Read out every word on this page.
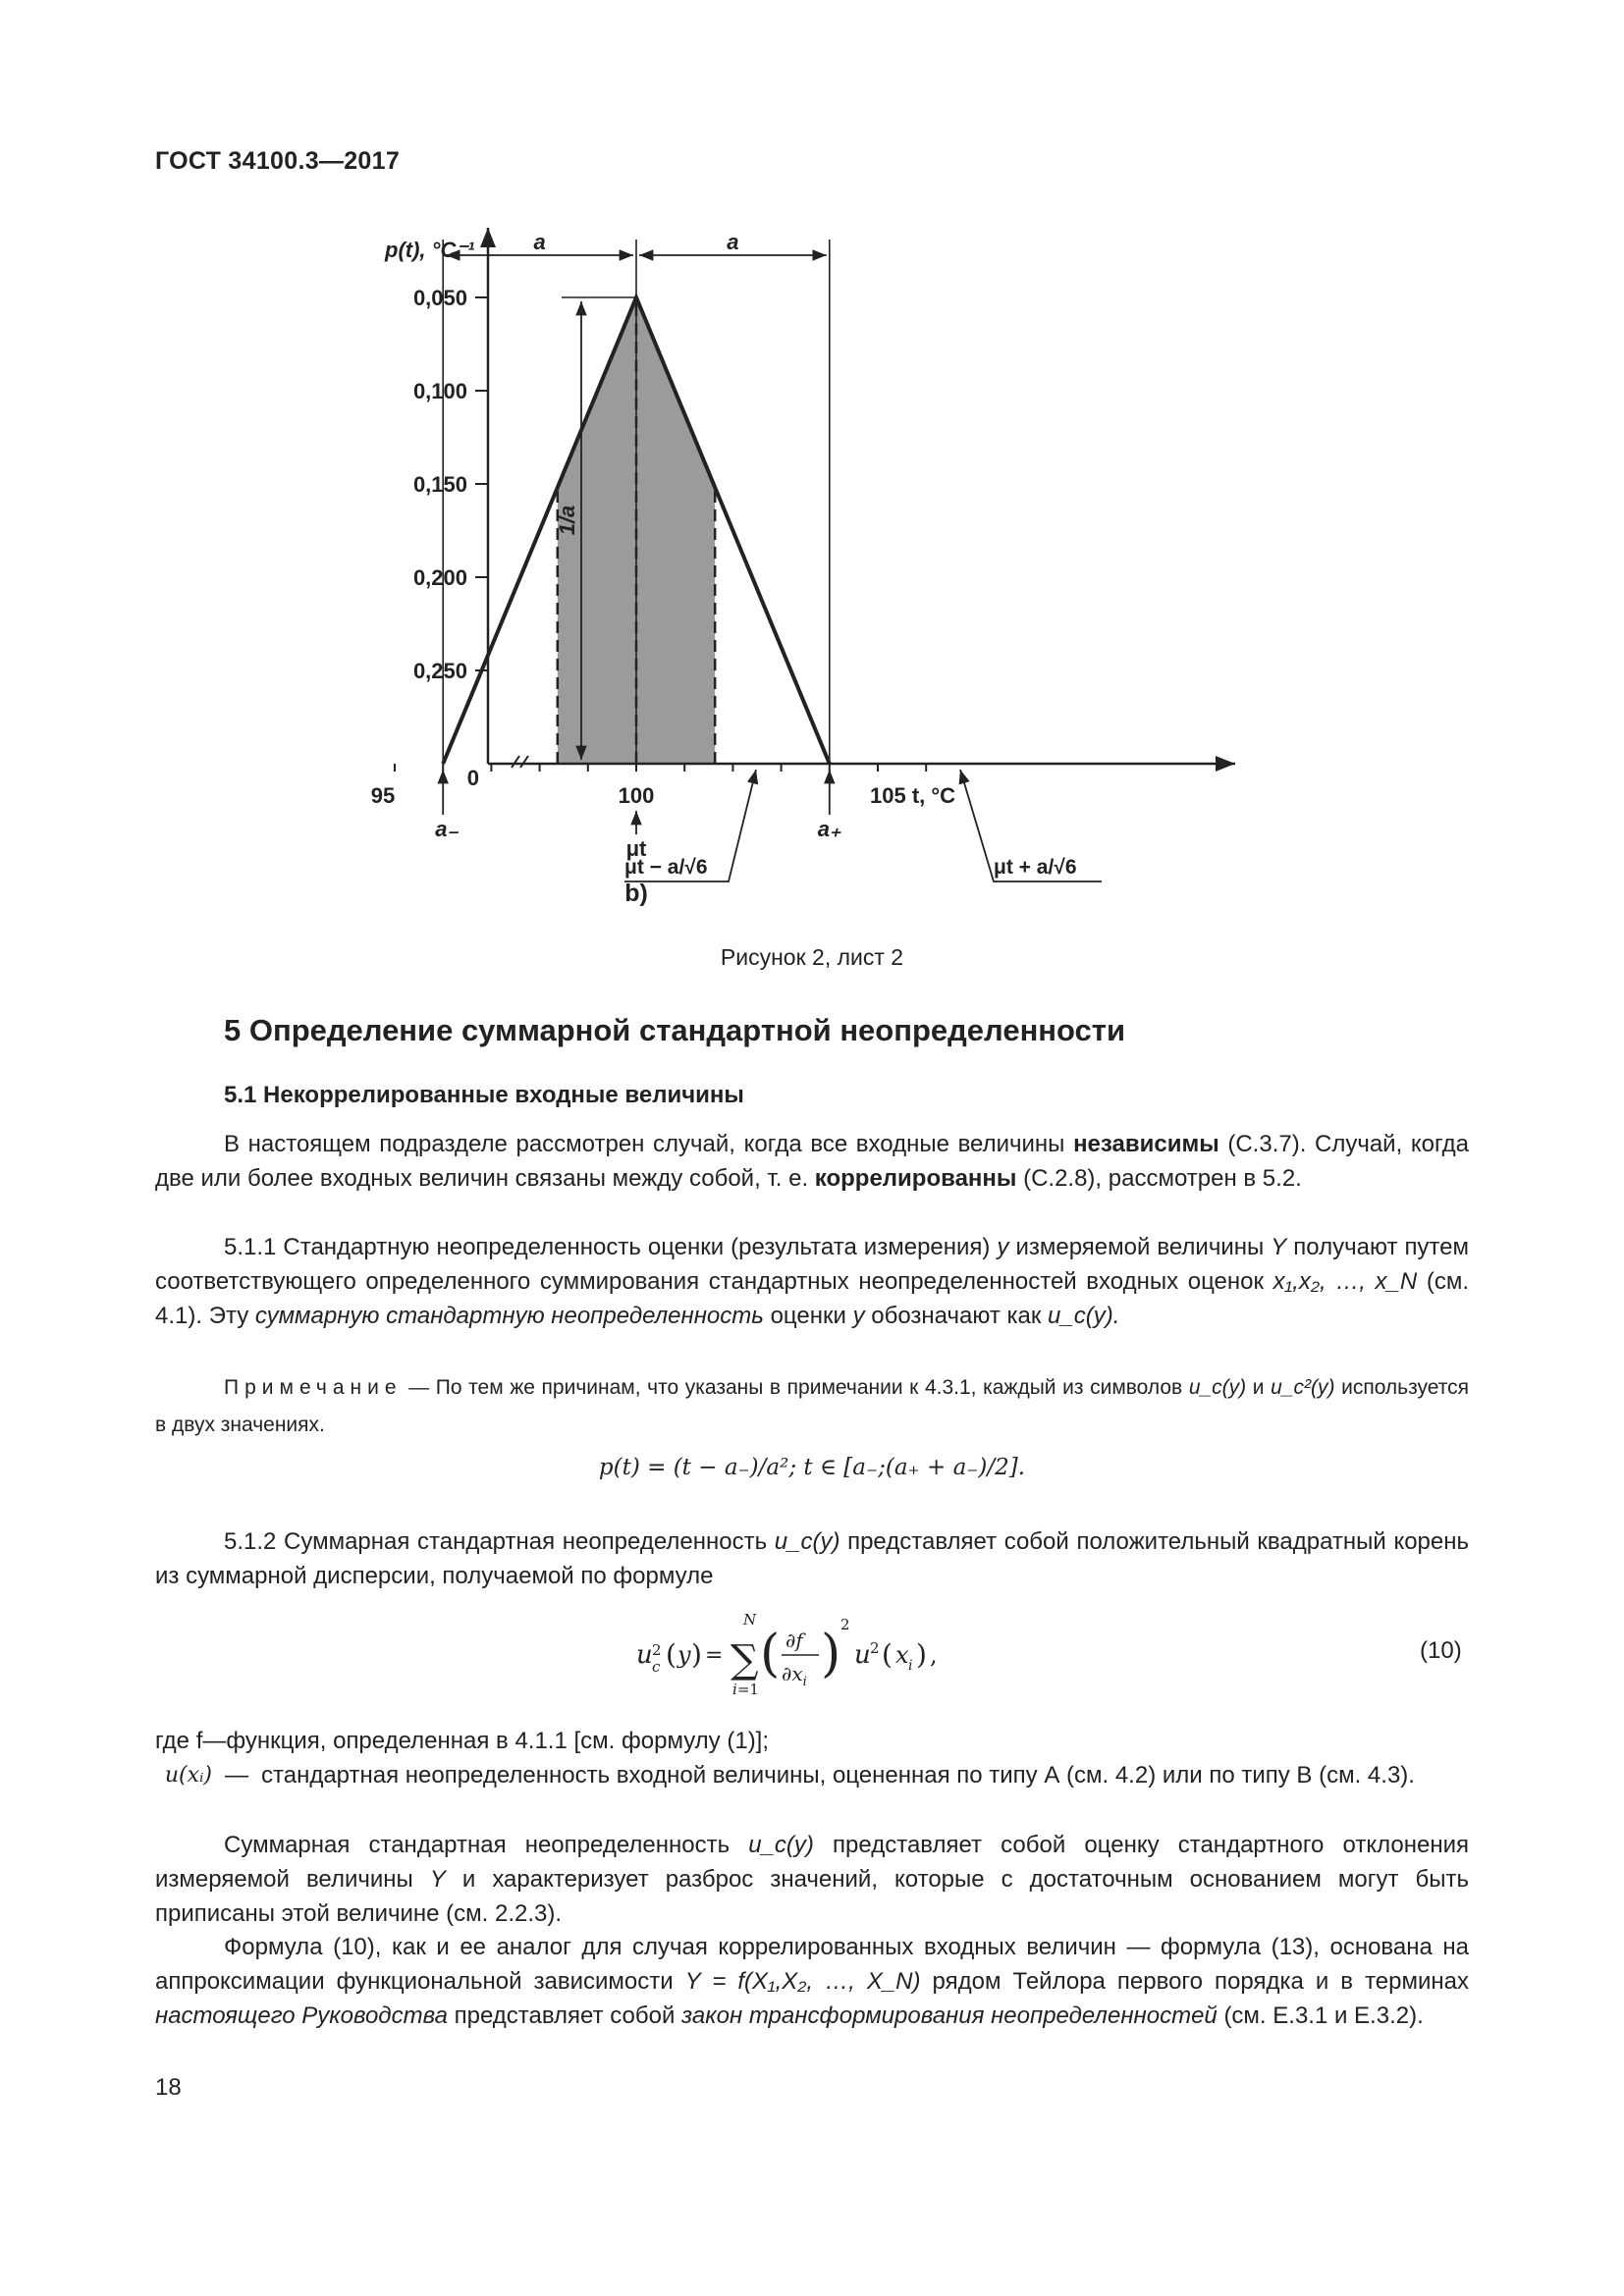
ГОСТ 34100.3—2017
0,250
0,200
0,150
0,100
0,050
0
95	100	105 t, °C
p(t), °C⁻¹
1/a
a	a
a₋	a₊
μt
μt − a/√6	μt + a/√6
b)
Рисунок 2, лист 2
5 Определение суммарной стандартной неопределенности
5.1 Некоррелированные входные величины

В настоящем подразделе рассмотрен случай, когда все входные величины независимы (С.3.7). Случай, когда две или более входных величин связаны между собой, т. е. коррелированны (С.2.8), рассмотрен в 5.2.

5.1.1 Стандартную неопределенность оценки (результата измерения) y измеряемой величины Y получают путем соответствующего определенного суммирования стандартных неопределенностей входных оценок x₁,x₂, …, x_N (см. 4.1). Эту суммарную стандартную неопределенность оценки y обозначают как u_c(y).

Примечание — По тем же причинам, что указаны в примечании к 4.3.1, каждый из символов u_c(y) и u_c²(y) используется в двух значениях.
p(t) = (t − a₋)/a²; t ∈ [a₋;(a₊ + a₋)/2].

5.1.2 Суммарная стандартная неопределенность u_c(y) представляет собой положительный квадратный корень из суммарной дисперсии, получаемой по формуле

u 2
c ( y ) =
N
∑
i=1
( ∂f
$\partial x_i$ ) 2
u 2 ( x i ) ,	(10)
где f — функция, определенная в 4.1.1 [см. формулу (1)];
u(xᵢ) — стандартная неопределенность входной величины, оцененная по типу А (см. 4.2) или по типу В (см. 4.3).

Суммарная стандартная неопределенность u_c(y) представляет собой оценку стандартного отклонения измеряемой величины Y и характеризует разброс значений, которые с достаточным основанием могут быть приписаны этой величине (см. 2.2.3).

Формула (10), как и ее аналог для случая коррелированных входных величин — формула (13), основана на аппроксимации функциональной зависимости Y = f(X₁,X₂, …, X_N) рядом Тейлора первого порядка и в терминах настоящего Руководства представляет собой закон трансформирования неопределенностей (см. Е.3.1 и Е.3.2).

18
